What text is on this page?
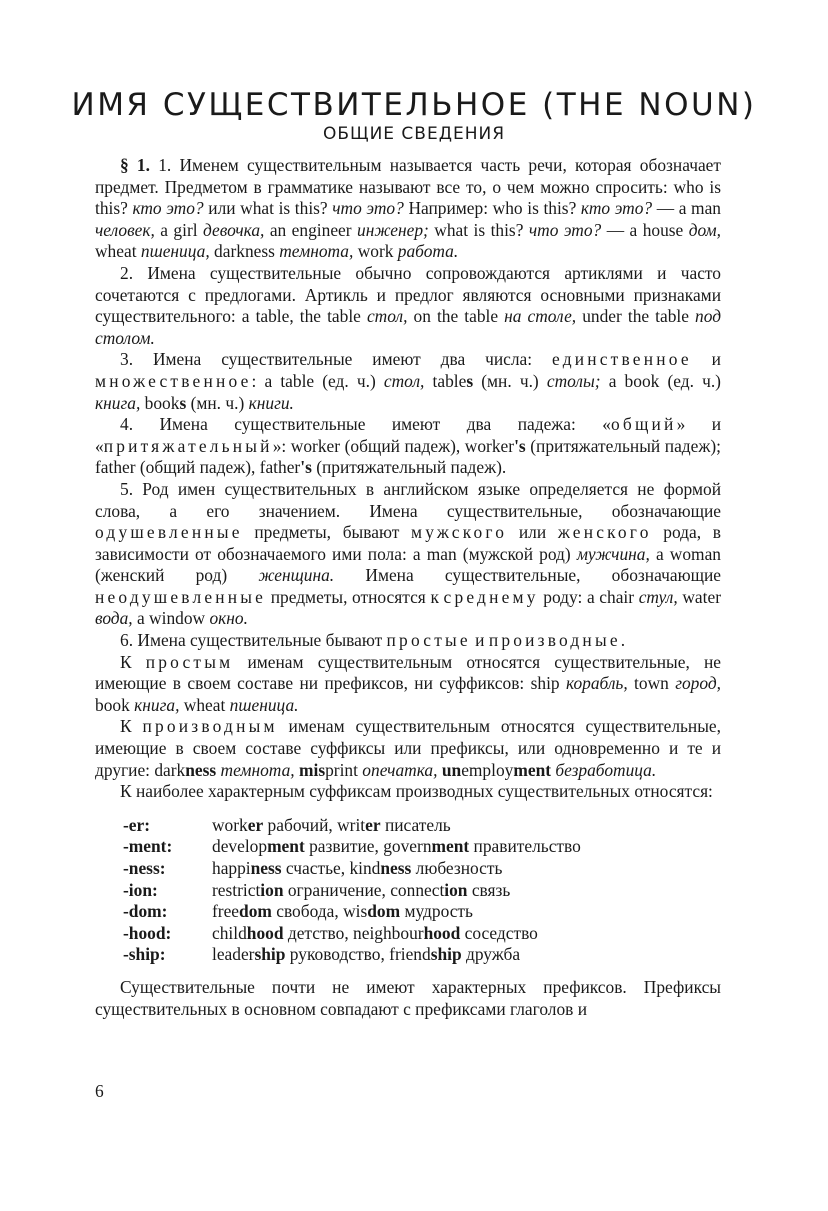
ИМЯ СУЩЕСТВИТЕЛЬНОЕ (THE NOUN)
ОБЩИЕ СВЕДЕНИЯ

§ 1. 1. Именем существительным называется часть речи, которая обозначает предмет. Предметом в грамматике называют все то, о чем можно спросить: who is this? кто это? или what is this? что это? Например: who is this? кто это? — a man человек, a girl девочка, an engineer инженер; what is this? что это? — a house дом, wheat пшеница, darkness темнота, work работа.

2. Имена существительные обычно сопровождаются артиклями и часто сочетаются с предлогами. Артикль и предлог являются основными признаками существительного: a table, the table стол, on the table на столе, under the table под столом.

3. Имена существительные имеют два числа: единственное и множественное: a table (ед. ч.) стол, tables (мн. ч.) столы; a book (ед. ч.) книга, books (мн. ч.) книги.

4. Имена существительные имеют два падежа: «общий» и «притяжательный»: worker (общий падеж), worker's (притяжательный падеж); father (общий падеж), father's (притяжательный падеж).

5. Род имен существительных в английском языке определяется не формой слова, а его значением. Имена существительные, обозначающие одушевленные предметы, бывают мужского или женского рода, в зависимости от обозначаемого ими пола: a man (мужской род) мужчина, a woman (женский род) женщина. Имена существительные, обозначающие неодушевленные предметы, относятся к среднему роду: a chair стул, water вода, a window окно.

6. Имена существительные бывают простые и производные.

К простым именам существительным относятся существительные, не имеющие в своем составе ни префиксов, ни суффиксов: ship корабль, town город, book книга, wheat пшеница.

К производным именам существительным относятся существительные, имеющие в своем составе суффиксы или префиксы, или одновременно и те и другие: darkness темнота, misprint опечатка, unemployment безработица.

К наиболее характерным суффиксам производных существительных относятся:

-er:	worker рабочий, writer писатель
-ment:	development развитие, government правительство
-ness:	happiness счастье, kindness любезность
-ion:	restriction ограничение, connection связь
-dom:	freedom свобода, wisdom мудрость
-hood:	childhood детство, neighbourhood соседство
-ship:	leadership руководство, friendship дружба

Существительные почти не имеют характерных префиксов. Префиксы существительных в основном совпадают с префиксами глаголов и

6
